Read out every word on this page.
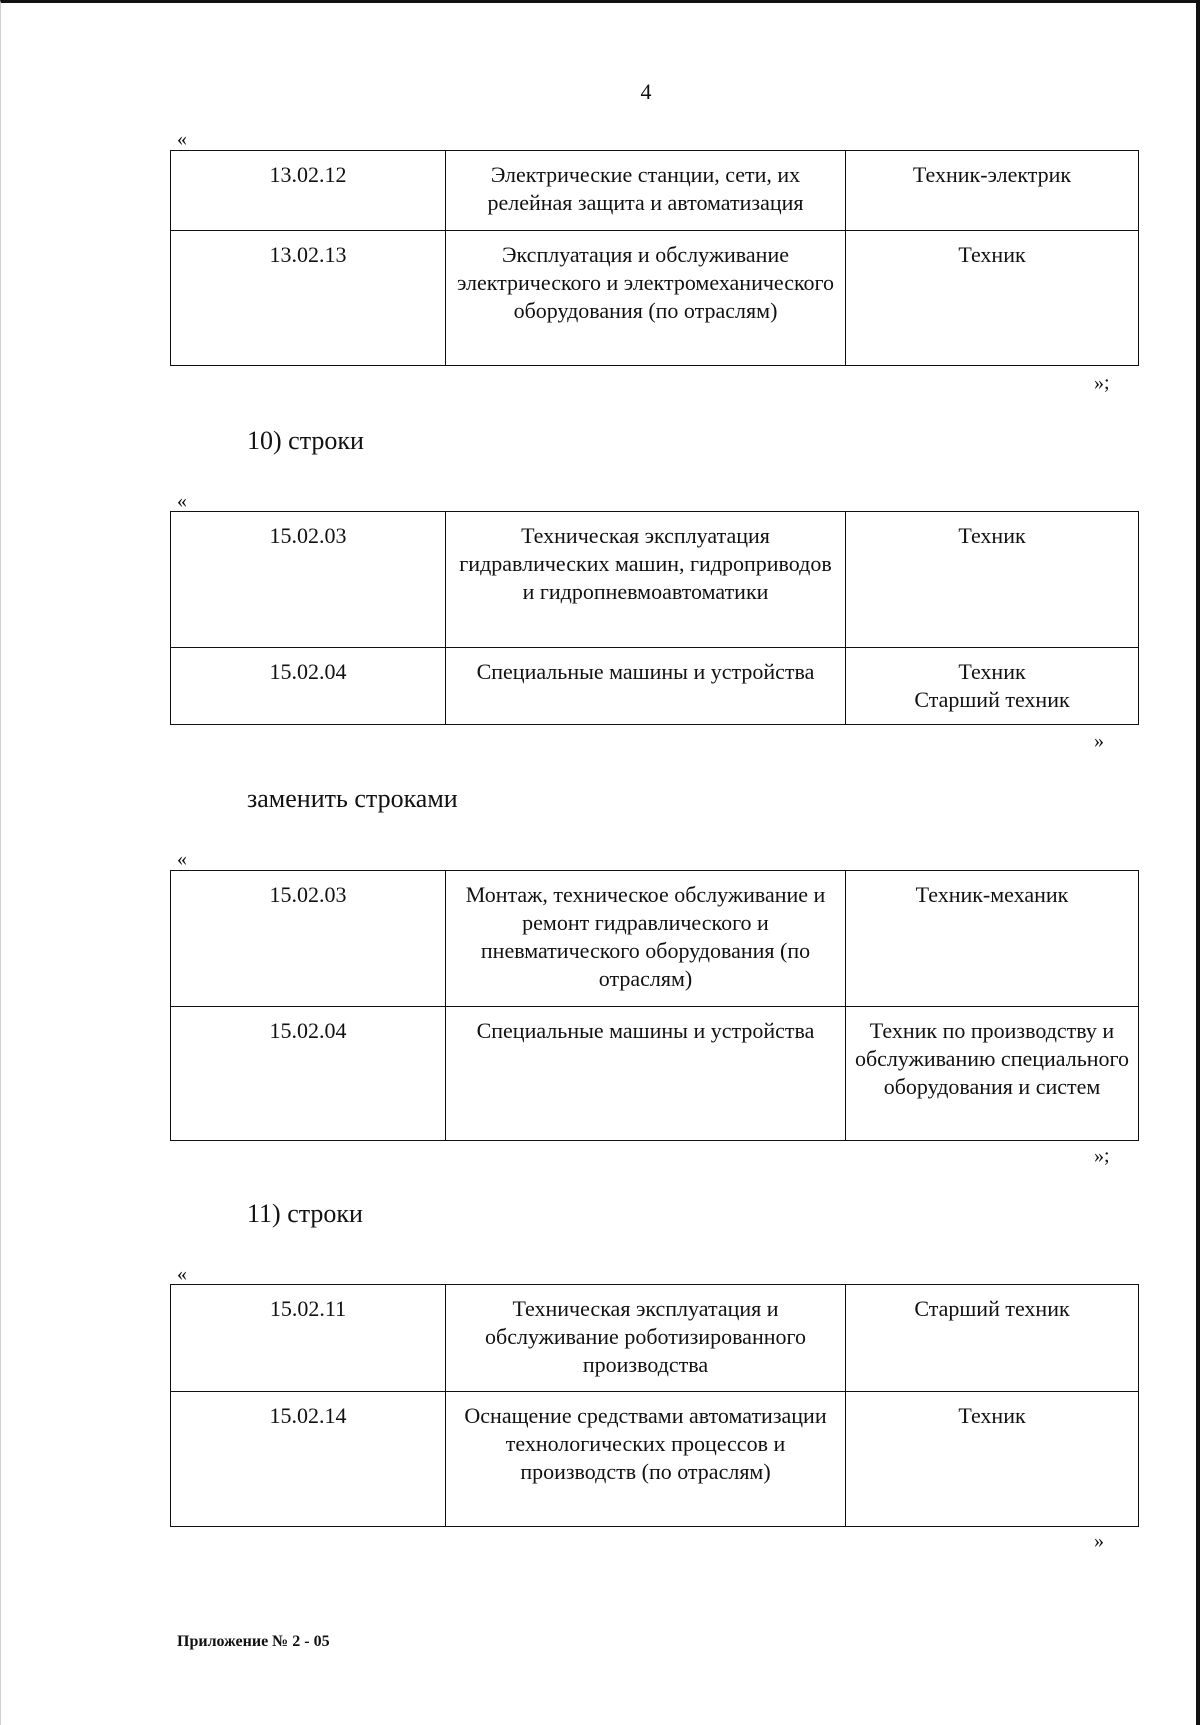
4
«
13.02.12	Электрические станции, сети, их релейная защита и автоматизация	Техник-электрик
13.02.13	Эксплуатация и обслуживание электрического и электромеханического оборудования (по отраслям)	Техник
»;
10) строки
«
15.02.03	Техническая эксплуатация гидравлических машин, гидроприводов и гидропневмоавтоматики	Техник
15.02.04	Специальные машины и устройства	Техник
Старший техник
»
заменить строками
«
15.02.03	Монтаж, техническое обслуживание и ремонт гидравлического и пневматического оборудования (по отраслям)	Техник-механик
15.02.04	Специальные машины и устройства	Техник по производству и обслуживанию специального оборудования и систем
»;
11) строки
«
15.02.11	Техническая эксплуатация и обслуживание роботизированного производства	Старший техник
15.02.14	Оснащение средствами автоматизации технологических процессов и производств (по отраслям)	Техник
»
Приложение № 2 - 05
